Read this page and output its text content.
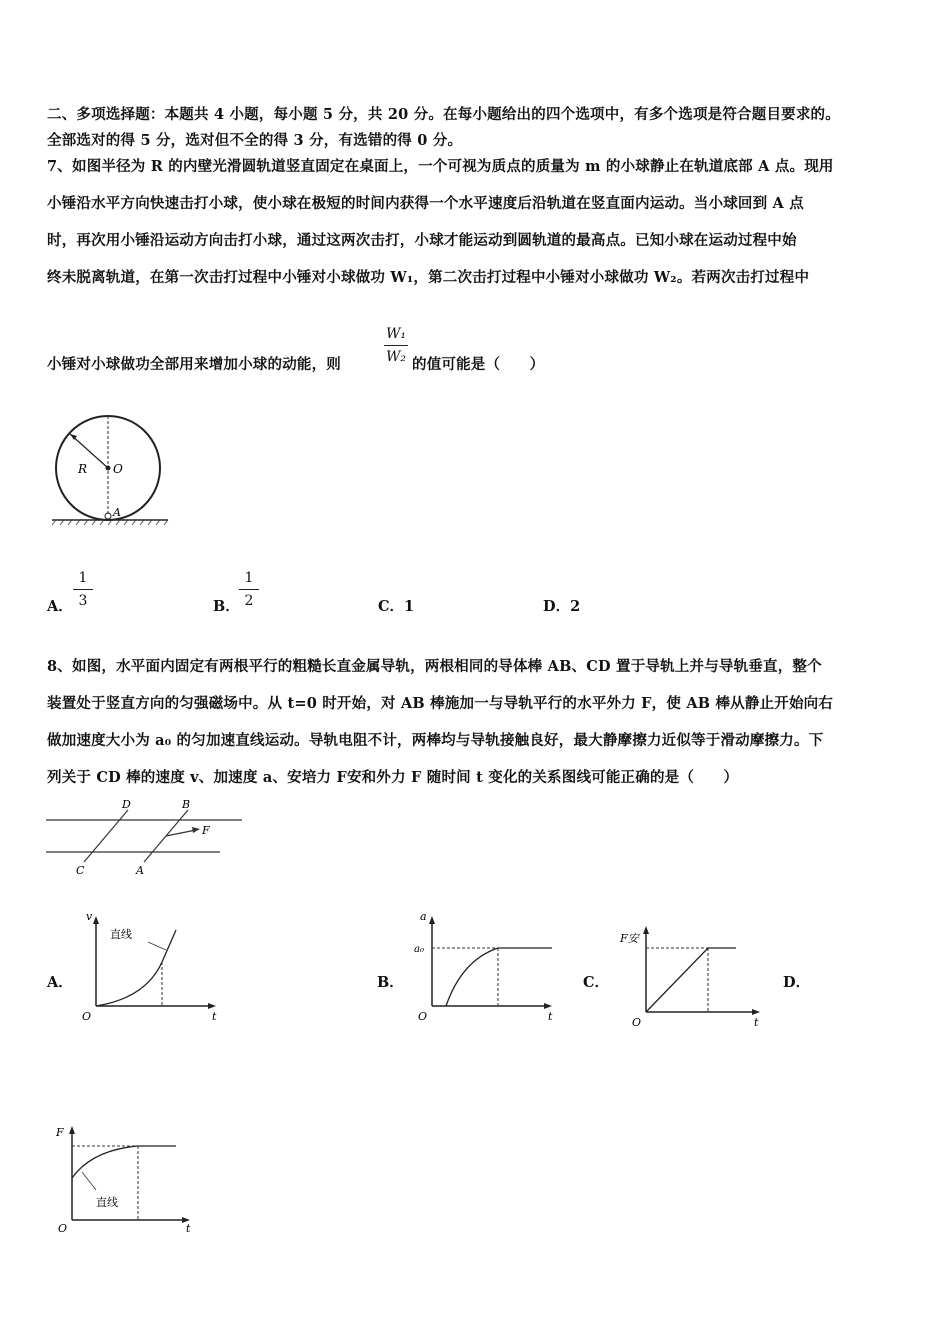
二、多项选择题：本题共 4 小题，每小题 5 分，共 20 分。在每小题给出的四个选项中，有多个选项是符合题目要求的。
全部选对的得 5 分，选对但不全的得 3 分，有选错的得 0 分。
7、如图半径为 R 的内壁光滑圆轨道竖直固定在桌面上，一个可视为质点的质量为 m 的小球静止在轨道底部 A 点。现用
小锤沿水平方向快速击打小球，使小球在极短的时间内获得一个水平速度后沿轨道在竖直面内运动。当小球回到 A 点
时，再次用小锤沿运动方向击打小球，通过这两次击打，小球才能运动到圆轨道的最高点。已知小球在运动过程中始
终未脱离轨道，在第一次击打过程中小锤对小球做功 W₁，第二次击打过程中小锤对小球做功 W₂。若两次击打过程中
小锤对小球做功全部用来增加小球的动能，则
W₁
W₂ 的值可能是（　　）
R O
A
A．
1
3	B．
1
2	C．1	D．2
8、如图，水平面内固定有两根平行的粗糙长直金属导轨，两根相同的导体棒 AB、CD 置于导轨上并与导轨垂直，整个
装置处于竖直方向的匀强磁场中。从 t=0 时开始，对 AB 棒施加一与导轨平行的水平外力 F，使 AB 棒从静止开始向右
做加速度大小为 a₀ 的匀加速直线运动。导轨电阻不计，两棒均与导轨接触良好，最大静摩擦力近似等于滑动摩擦力。下
列关于 CD 棒的速度 v、加速度 a、安培力 F安和外力 F 随时间 t 变化的关系图线可能正确的是（　　）
D	B
C	A
F
A．	B．	C．	D．
v
t
O
直线
a
t
O
a₀
F安
t
O
F
t
O
直线
